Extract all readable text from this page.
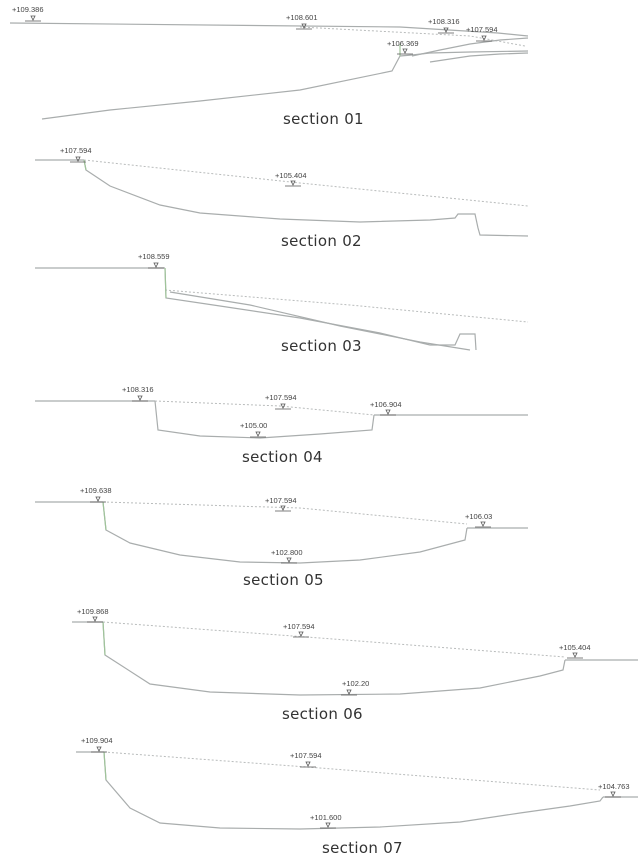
+109.386
+108.601	+108.316
+107.594
+106.369
section 01
+107.594
+105.404
section 02
+108.559
section 03
+108.316
+107.594
+105.00
+106.904
section 04
+109.638
+107.594
+102.800
+106.03
section 05
+109.868
+107.594
+102.20
+105.404
section 06
+109.904
+107.594
+101.600
+104.763
section 07
